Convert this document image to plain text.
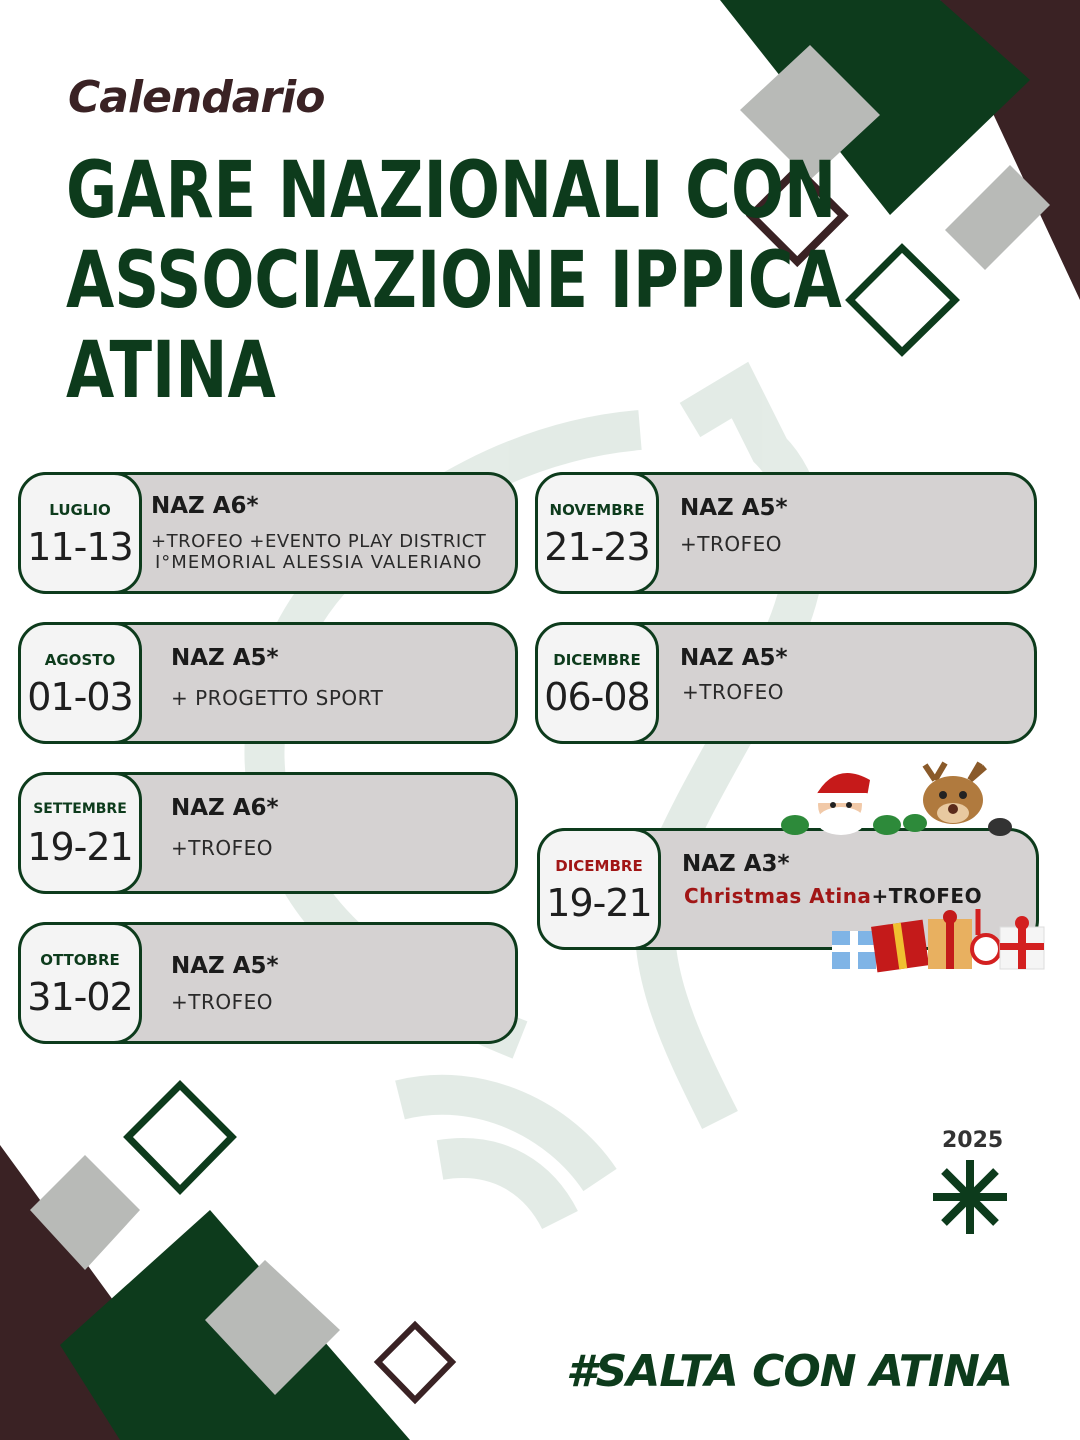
Calendario
GARE NAZIONALI CON
ASSOCIAZIONE IPPICA
ATINA
LUGLIO
11-13
NAZ A6*
+TROFEO +EVENTO PLAY DISTRICT
I°MEMORIAL ALESSIA VALERIANO
AGOSTO
01-03
NAZ A5*
+ PROGETTO SPORT
SETTEMBRE
19-21
NAZ A6*
+TROFEO
OTTOBRE
31-02
NAZ A5*
+TROFEO
NOVEMBRE
21-23
NAZ A5*
+TROFEO
DICEMBRE
06-08
NAZ A5*
+TROFEO
DICEMBRE
19-21
NAZ A3*
Christmas Atina+TROFEO
2025
#SALTA CON ATINA
